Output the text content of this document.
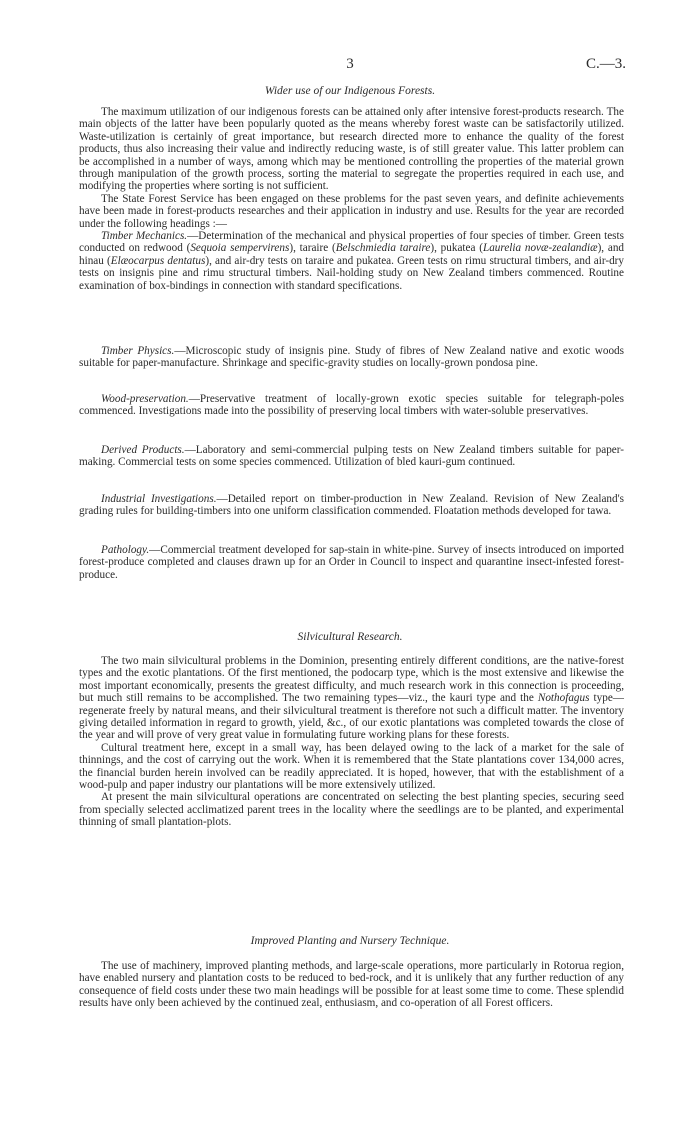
3	C.—3.
Wider use of our Indigenous Forests.

The maximum utilization of our indigenous forests can be attained only after intensive forest-products research. The main objects of the latter have been popularly quoted as the means whereby forest waste can be satisfactorily utilized. Waste-utilization is certainly of great importance, but research directed more to enhance the quality of the forest products, thus also increasing their value and indirectly reducing waste, is of still greater value. This latter problem can be accomplished in a number of ways, among which may be mentioned controlling the properties of the material grown through manipulation of the growth process, sorting the material to segregate the properties required in each use, and modifying the properties where sorting is not sufficient.

The State Forest Service has been engaged on these problems for the past seven years, and definite achievements have been made in forest-products researches and their application in industry and use. Results for the year are recorded under the following headings :—

Timber Mechanics.—Determination of the mechanical and physical properties of four species of timber. Green tests conducted on redwood (Sequoia sempervirens), taraire (Belschmiedia taraire), pukatea (Laurelia novæ-zealandiæ), and hinau (Elæocarpus dentatus), and air-dry tests on taraire and pukatea. Green tests on rimu structural timbers, and air-dry tests on insignis pine and rimu structural timbers. Nail-holding study on New Zealand timbers commenced. Routine examination of box-bindings in connection with standard specifications.

Timber Physics.—Microscopic study of insignis pine. Study of fibres of New Zealand native and exotic woods suitable for paper-manufacture. Shrinkage and specific-gravity studies on locally-grown pondosa pine.

Wood-preservation.—Preservative treatment of locally-grown exotic species suitable for telegraph-poles commenced. Investigations made into the possibility of preserving local timbers with water-soluble preservatives.

Derived Products.—Laboratory and semi-commercial pulping tests on New Zealand timbers suitable for paper-making. Commercial tests on some species commenced. Utilization of bled kauri-gum continued.

Industrial Investigations.—Detailed report on timber-production in New Zealand. Revision of New Zealand's grading rules for building-timbers into one uniform classification commended. Floatation methods developed for tawa.

Pathology.—Commercial treatment developed for sap-stain in white-pine. Survey of insects introduced on imported forest-produce completed and clauses drawn up for an Order in Council to inspect and quarantine insect-infested forest-produce.

Silvicultural Research.

The two main silvicultural problems in the Dominion, presenting entirely different conditions, are the native-forest types and the exotic plantations. Of the first mentioned, the podocarp type, which is the most extensive and likewise the most important economically, presents the greatest difficulty, and much research work in this connection is proceeding, but much still remains to be accomplished. The two remaining types—viz., the kauri type and the Nothofagus type—regenerate freely by natural means, and their silvicultural treatment is therefore not such a difficult matter. The inventory giving detailed information in regard to growth, yield, &c., of our exotic plantations was completed towards the close of the year and will prove of very great value in formulating future working plans for these forests.

Cultural treatment here, except in a small way, has been delayed owing to the lack of a market for the sale of thinnings, and the cost of carrying out the work. When it is remembered that the State plantations cover 134,000 acres, the financial burden herein involved can be readily appreciated. It is hoped, however, that with the establishment of a wood-pulp and paper industry our plantations will be more extensively utilized.

At present the main silvicultural operations are concentrated on selecting the best planting species, securing seed from specially selected acclimatized parent trees in the locality where the seedlings are to be planted, and experimental thinning of small plantation-plots.

Improved Planting and Nursery Technique.

The use of machinery, improved planting methods, and large-scale operations, more particularly in Rotorua region, have enabled nursery and plantation costs to be reduced to bed-rock, and it is unlikely that any further reduction of any consequence of field costs under these two main headings will be possible for at least some time to come. These splendid results have only been achieved by the continued zeal, enthusiasm, and co-operation of all Forest officers.
